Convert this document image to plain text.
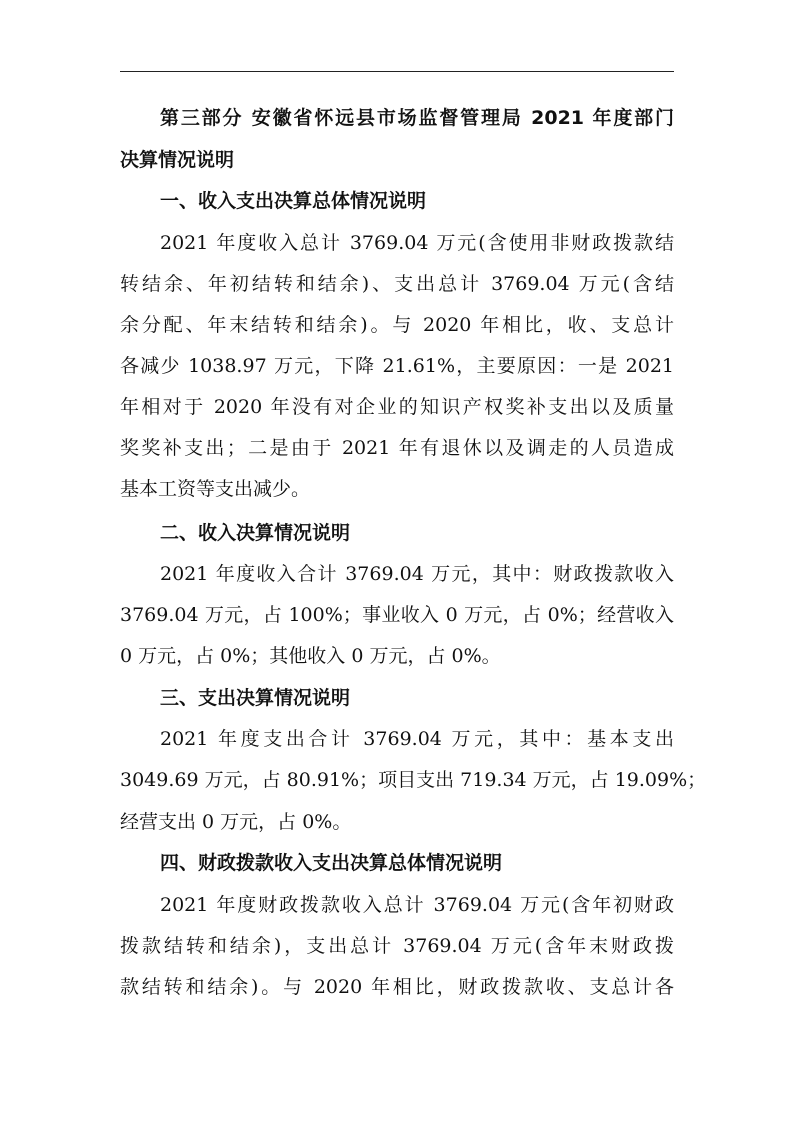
第三部分 安徽省怀远县市场监督管理局 2021 年度部门
决算情况说明
一、收入支出决算总体情况说明
2021 年度收入总计 3769.04 万元(含使用非财政拨款结
转结余、年初结转和结余)、支出总计 3769.04 万元(含结
余分配、年末结转和结余)。与 2020 年相比，收、支总计
各减少 1038.97 万元，下降 21.61%，主要原因：一是 2021
年相对于 2020 年没有对企业的知识产权奖补支出以及质量
奖奖补支出；二是由于 2021 年有退休以及调走的人员造成
基本工资等支出减少。
二、收入决算情况说明
2021 年度收入合计 3769.04 万元，其中：财政拨款收入
3769.04 万元，占 100%；事业收入 0 万元，占 0%；经营收入
0 万元，占 0%；其他收入 0 万元，占 0%。
三、支出决算情况说明
2021 年度支出合计 3769.04 万元，其中：基本支出
3049.69 万元，占 80.91%；项目支出 719.34 万元，占 19.09%；
经营支出 0 万元，占 0%。
四、财政拨款收入支出决算总体情况说明
2021 年度财政拨款收入总计 3769.04 万元(含年初财政
拨款结转和结余)，支出总计 3769.04 万元(含年末财政拨
款结转和结余)。与 2020 年相比，财政拨款收、支总计各
